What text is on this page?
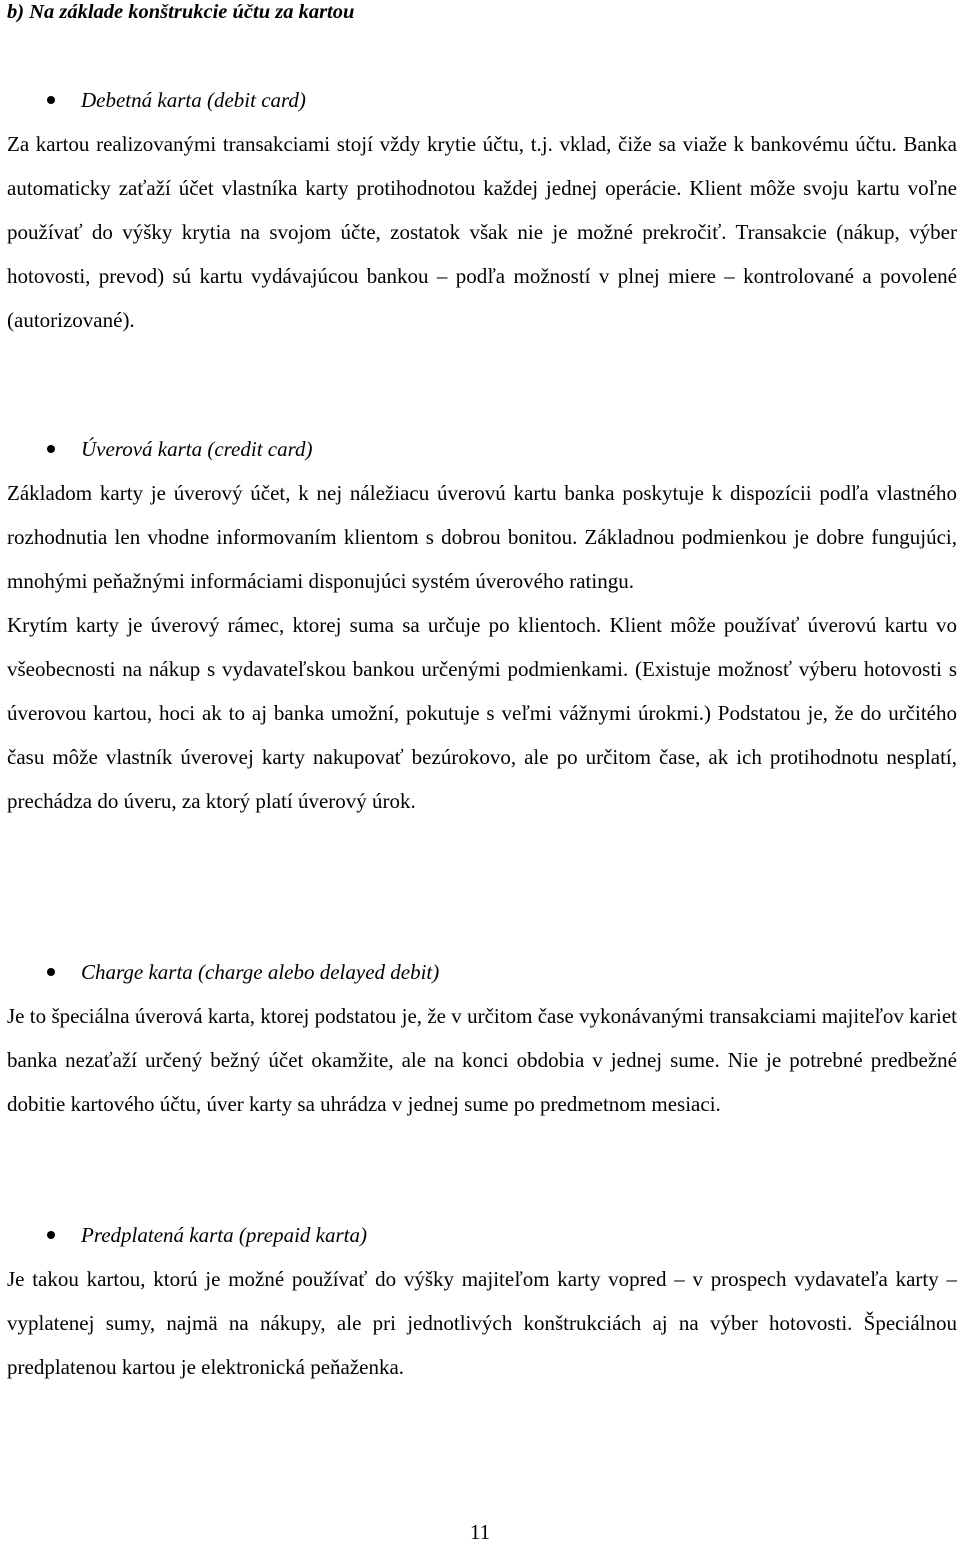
b) Na základe konštrukcie účtu za kartou
Debetná karta (debit card)

Za kartou realizovanými transakciami stojí vždy krytie účtu, t.j. vklad, čiže sa viaže k bankovému účtu. Banka automaticky zaťaží účet vlastníka karty protihodnotou každej jednej operácie. Klient môže svoju kartu voľne používať do výšky krytia na svojom účte, zostatok však nie je možné prekročiť. Transakcie (nákup, výber hotovosti, prevod) sú kartu vydávajúcou bankou – podľa možností v plnej miere – kontrolované a povolené (autorizované).

Úverová karta (credit card)

Základom karty je úverový účet, k nej náležiacu úverovú kartu banka poskytuje k dispozícii podľa vlastného rozhodnutia len vhodne informovaním klientom s dobrou bonitou. Základnou podmienkou je dobre fungujúci, mnohými peňažnými informáciami disponujúci systém úverového ratingu.

Krytím karty je úverový rámec, ktorej suma sa určuje po klientoch. Klient môže používať úverovú kartu vo všeobecnosti na nákup s vydavateľskou bankou určenými podmienkami. (Existuje možnosť výberu hotovosti s úverovou kartou, hoci ak to aj banka umožní, pokutuje s veľmi vážnymi úrokmi.) Podstatou je, že do určitého času môže vlastník úverovej karty nakupovať bezúrokovo, ale po určitom čase, ak ich protihodnotu nesplatí, prechádza do úveru, za ktorý platí úverový úrok.

Charge karta (charge alebo delayed debit)

Je to špeciálna úverová karta, ktorej podstatou je, že v určitom čase vykonávanými transakciami majiteľov kariet banka nezaťaží určený bežný účet okamžite, ale na konci obdobia v jednej sume. Nie je potrebné predbežné dobitie kartového účtu, úver karty sa uhrádza v jednej sume po predmetnom mesiaci.

Predplatená karta (prepaid karta)

Je takou kartou, ktorú je možné používať do výšky majiteľom karty vopred – v prospech vydavateľa karty – vyplatenej sumy, najmä na nákupy, ale pri jednotlivých konštrukciách aj na výber hotovosti. Špeciálnou predplatenou kartou je elektronická peňaženka.

11
